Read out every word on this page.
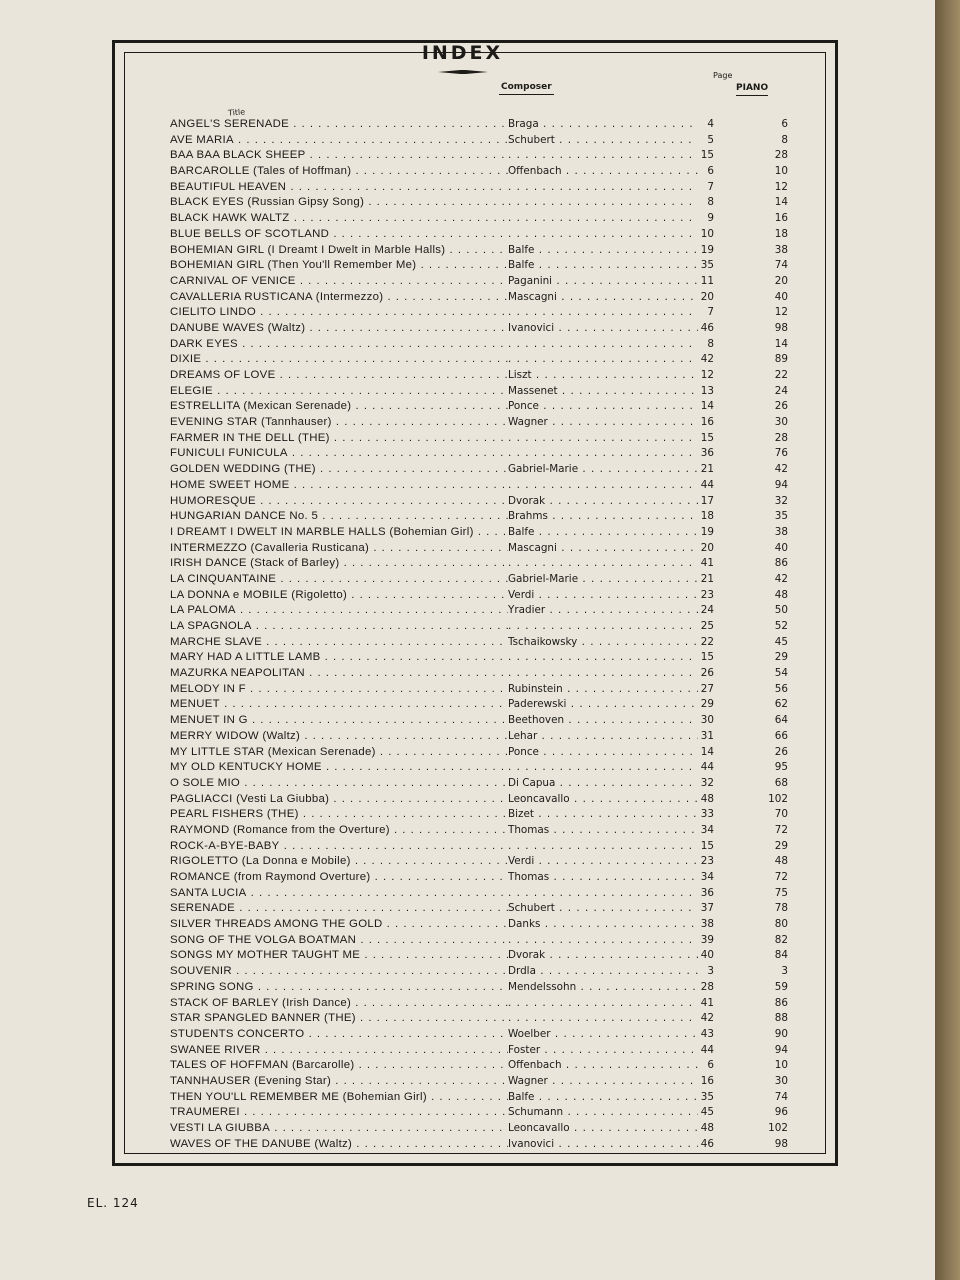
INDEX
Title
Composer
Page
PIANO
ANGEL'S SERENADE . . .	Braga . . .	4	6
AVE MARIA . . .	Schubert . . .	5	8
BAA BAA BLACK SHEEP . . . . . .	15	28
BARCAROLLE (Tales of Hoffman) . . .	Offenbach . . .	6	10
BEAUTIFUL HEAVEN . . . . . .	7	12
BLACK EYES (Russian Gipsy Song) . . . . . .	8	14
BLACK HAWK WALTZ . . . . . .	9	16
BLUE BELLS OF SCOTLAND . . . . . .	10	18
BOHEMIAN GIRL (I Dreamt I Dwelt in Marble Halls) . . .	Balfe . . .	19	38
BOHEMIAN GIRL (Then You'll Remember Me) . . .	Balfe . . .	35	74
CARNIVAL OF VENICE . . .	Paganini . . .	11	20
CAVALLERIA RUSTICANA (Intermezzo) . . .	Mascagni . . .	20	40
CIELITO LINDO . . . . . .	7	12
DANUBE WAVES (Waltz) . . .	Ivanovici . . .	46	98
DARK EYES . . . . . .	8	14
DIXIE . . . . . .	42	89
DREAMS OF LOVE . . .	Liszt . . .	12	22
ELEGIE . . .	Massenet . . .	13	24
ESTRELLITA (Mexican Serenade) . . .	Ponce . . .	14	26
EVENING STAR (Tannhauser) . . .	Wagner . . .	16	30
FARMER IN THE DELL (THE) . . . . . .	15	28
FUNICULI FUNICULA . . . . . .	36	76
GOLDEN WEDDING (THE) . . .	Gabriel-Marie . . .	21	42
HOME SWEET HOME . . . . . .	44	94
HUMORESQUE . . .	Dvorak . . .	17	32
HUNGARIAN DANCE No. 5 . . .	Brahms . . .	18	35
I DREAMT I DWELT IN MARBLE HALLS (Bohemian Girl) . . .	Balfe . . .	19	38
INTERMEZZO (Cavalleria Rusticana) . . .	Mascagni . . .	20	40
IRISH DANCE (Stack of Barley) . . . . . .	41	86
LA CINQUANTAINE . . .	Gabriel-Marie . . .	21	42
LA DONNA e MOBILE (Rigoletto) . . .	Verdi . . .	23	48
LA PALOMA . . .	Yradier . . .	24	50
LA SPAGNOLA . . . . . .	25	52
MARCHE SLAVE . . .	Tschaikowsky . . .	22	45
MARY HAD A LITTLE LAMB . . . . . .	15	29
MAZURKA NEAPOLITAN . . . . . .	26	54
MELODY IN F . . .	Rubinstein . . .	27	56
MENUET . . .	Paderewski . . .	29	62
MENUET IN G . . .	Beethoven . . .	30	64
MERRY WIDOW (Waltz) . . .	Lehar . . .	31	66
MY LITTLE STAR (Mexican Serenade) . . .	Ponce . . .	14	26
MY OLD KENTUCKY HOME . . . . . .	44	95
O SOLE MIO . . .	Di Capua . . .	32	68
PAGLIACCI (Vesti La Giubba) . . .	Leoncavallo . . .	48	102
PEARL FISHERS (THE) . . .	Bizet . . .	33	70
RAYMOND (Romance from the Overture) . . .	Thomas . . .	34	72
ROCK-A-BYE-BABY . . . . . .	15	29
RIGOLETTO (La Donna e Mobile) . . .	Verdi . . .	23	48
ROMANCE (from Raymond Overture) . . .	Thomas . . .	34	72
SANTA LUCIA . . . . . .	36	75
SERENADE . . .	Schubert . . .	37	78
SILVER THREADS AMONG THE GOLD . . .	Danks . . .	38	80
SONG OF THE VOLGA BOATMAN . . . . . .	39	82
SONGS MY MOTHER TAUGHT ME . . .	Dvorak . . .	40	84
SOUVENIR . . .	Drdla . . .	3	3
SPRING SONG . . .	Mendelssohn . . .	28	59
STACK OF BARLEY (Irish Dance) . . . . . .	41	86
STAR SPANGLED BANNER (THE) . . . . . .	42	88
STUDENTS CONCERTO . . .	Woelber . . .	43	90
SWANEE RIVER . . .	Foster . . .	44	94
TALES OF HOFFMAN (Barcarolle) . . .	Offenbach . . .	6	10
TANNHAUSER (Evening Star) . . .	Wagner . . .	16	30
THEN YOU'LL REMEMBER ME (Bohemian Girl) . . .	Balfe . . .	35	74
TRAUMEREI . . .	Schumann . . .	45	96
VESTI LA GIUBBA . . .	Leoncavallo . . .	48	102
WAVES OF THE DANUBE (Waltz) . . .	Ivanovici . . .	46	98
EL. 124
